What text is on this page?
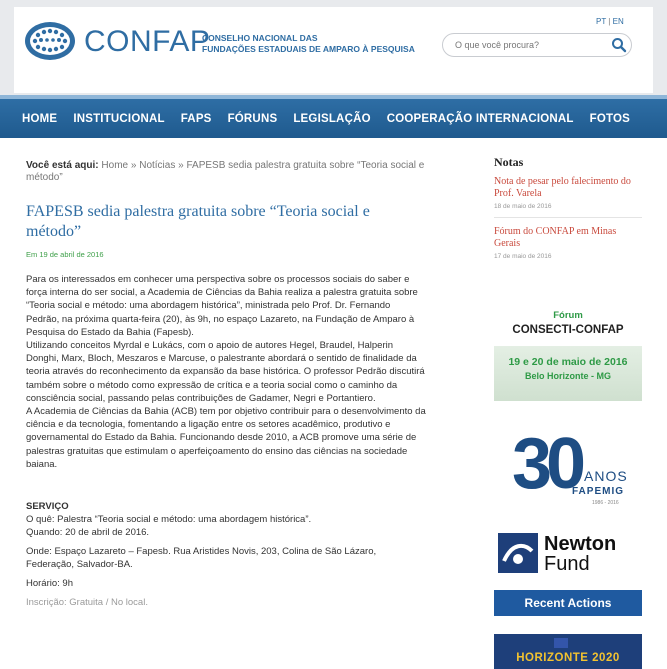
CONFAP
CONSELHO NACIONAL DAS
FUNDAÇÕES ESTADUAIS DE AMPARO À PESQUISA
PT | EN
O que você procura?
HOME INSTITUCIONAL FAPS FÓRUNS LEGISLAÇÃO COOPERAÇÃO INTERNACIONAL FOTOS
Você está aqui: Home » Notícias » FAPESB sedia palestra gratuita sobre “Teoria social e método”
FAPESB sedia palestra gratuita sobre “Teoria social e método”
Em 19 de abril de 2016

Para os interessados em conhecer uma perspectiva sobre os processos sociais do saber e força interna do ser social, a Academia de Ciências da Bahia realiza a palestra gratuita sobre “Teoria social e método: uma abordagem histórica”, ministrada pelo Prof. Dr. Fernando Pedrão, na próxima quarta-feira (20), às 9h, no espaço Lazareto, na Fundação de Amparo à Pesquisa do Estado da Bahia (Fapesb).

Utilizando conceitos Myrdal e Lukács, com o apoio de autores Hegel, Braudel, Halperin Donghi, Marx, Bloch, Meszaros e Marcuse, o palestrante abordará o sentido de finalidade da teoria através do reconhecimento da expansão da base histórica. O professor Pedrão discutirá também sobre o método como expressão de crítica e a teoria social como o caminho da consciência social, passando pelas contribuições de Gadamer, Negri e Portantiero.

A Academia de Ciências da Bahia (ACB) tem por objetivo contribuir para o desenvolvimento da ciência e da tecnologia, fomentando a ligação entre os setores acadêmico, produtivo e governamental do Estado da Bahia. Funcionando desde 2010, a ACB promove uma série de palestras gratuitas que estimulam o aperfeiçoamento do ensino das ciências na sociedade baiana.

SERVIÇO
O quê: Palestra “Teoria social e método: uma abordagem histórica”.
Quando: 20 de abril de 2016.
Onde: Espaço Lazareto – Fapesb. Rua Aristides Novis, 203, Colina de São Lázaro, Federação, Salvador-BA.
Horário: 9h
Inscrição: Gratuita / No local.
Notas
Nota de pesar pelo falecimento do Prof. Varela
18 de maio de 2016
Fórum do CONFAP em Minas Gerais
17 de maio de 2016
Fórum
CONSECTI-CONFAP
19 e 20 de maio de 2016
Belo Horizonte - MG
30 ANOS
FAPEMIG
1986 - 2016
Newton
Fund
Recent Actions
HORIZONTE 2020
